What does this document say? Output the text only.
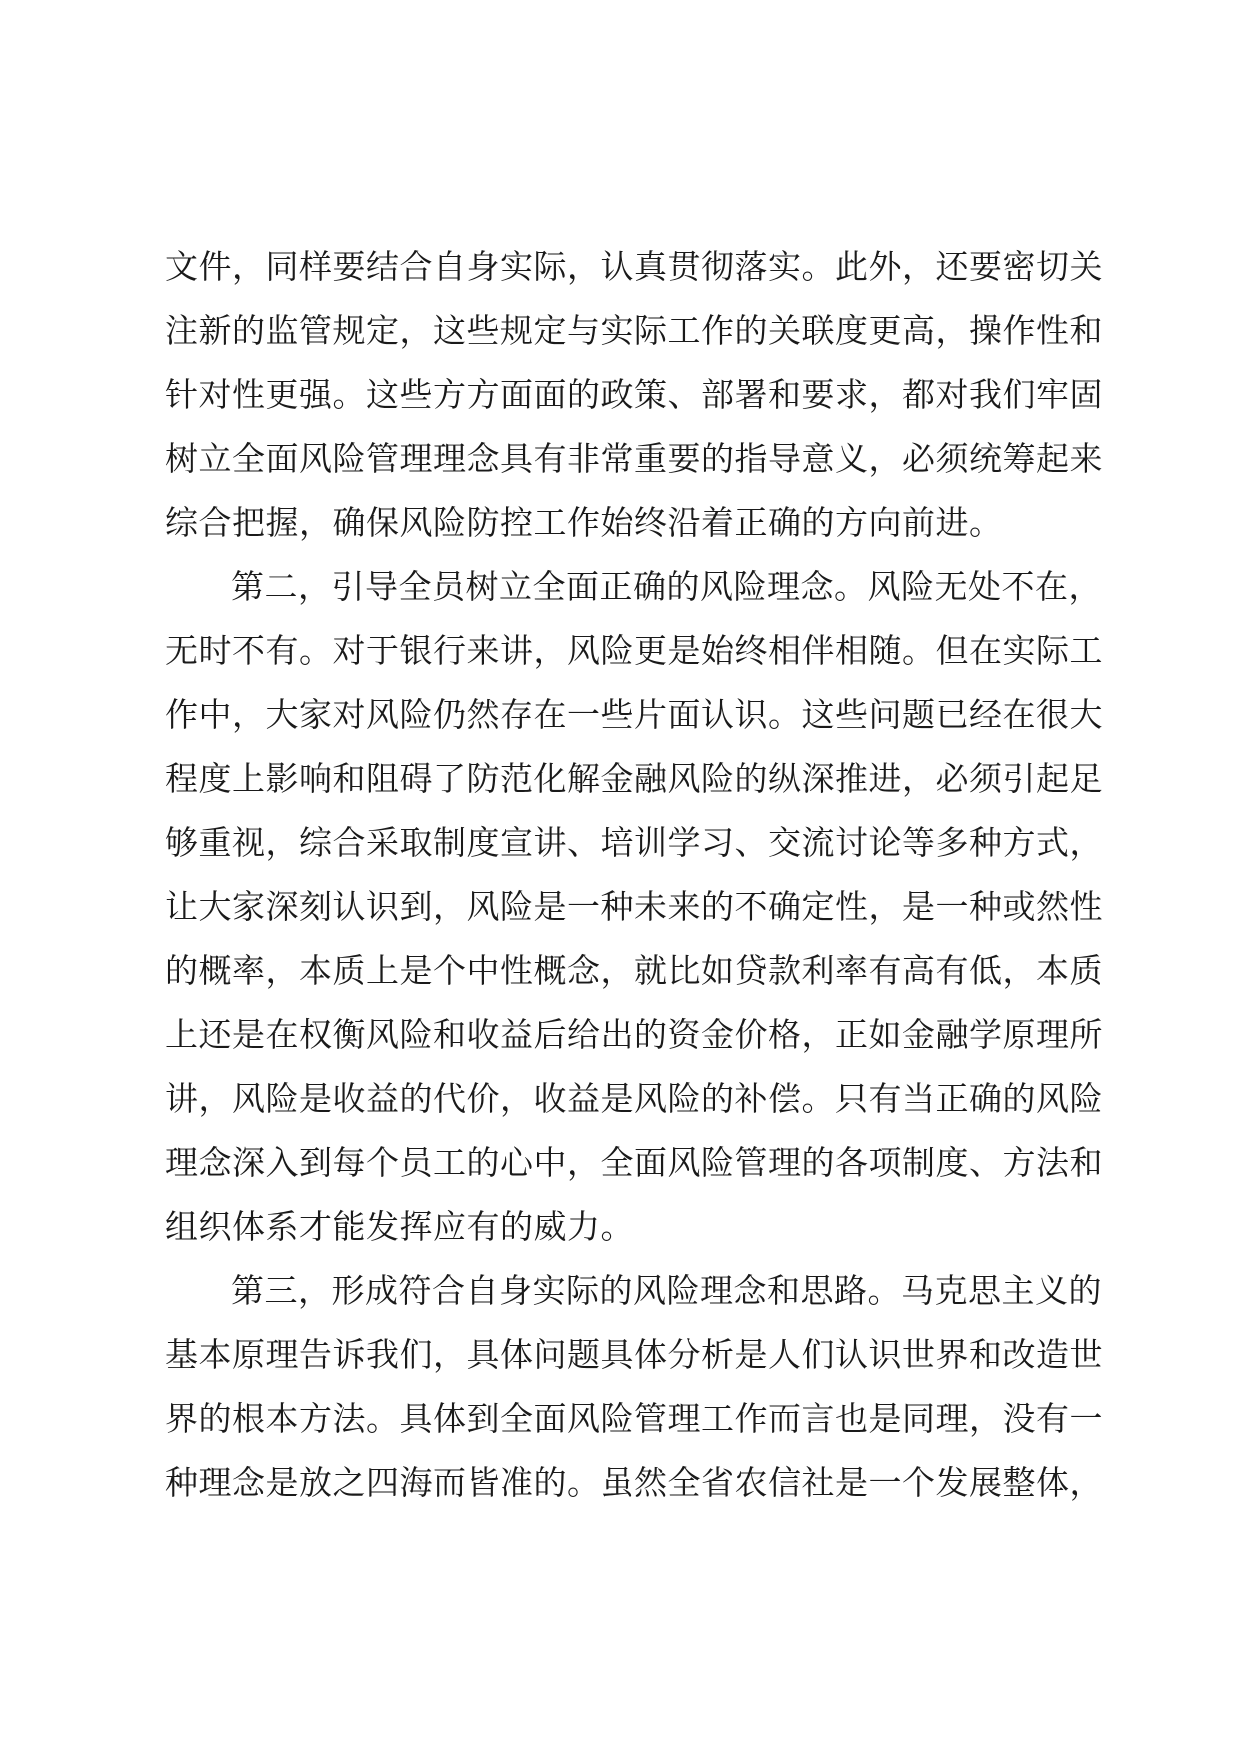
文件，同样要结合自身实际，认真贯彻落实。此外，还要密切关
注新的监管规定，这些规定与实际工作的关联度更高，操作性和
针对性更强。这些方方面面的政策、部署和要求，都对我们牢固
树立全面风险管理理念具有非常重要的指导意义，必须统筹起来
综合把握，确保风险防控工作始终沿着正确的方向前进。
第二，引导全员树立全面正确的风险理念。风险无处不在，
无时不有。对于银行来讲，风险更是始终相伴相随。但在实际工
作中，大家对风险仍然存在一些片面认识。这些问题已经在很大
程度上影响和阻碍了防范化解金融风险的纵深推进，必须引起足
够重视，综合采取制度宣讲、培训学习、交流讨论等多种方式，
让大家深刻认识到，风险是一种未来的不确定性，是一种或然性
的概率，本质上是个中性概念，就比如贷款利率有高有低，本质
上还是在权衡风险和收益后给出的资金价格，正如金融学原理所
讲，风险是收益的代价，收益是风险的补偿。只有当正确的风险
理念深入到每个员工的心中，全面风险管理的各项制度、方法和
组织体系才能发挥应有的威力。
第三，形成符合自身实际的风险理念和思路。马克思主义的
基本原理告诉我们，具体问题具体分析是人们认识世界和改造世
界的根本方法。具体到全面风险管理工作而言也是同理，没有一
种理念是放之四海而皆准的。虽然全省农信社是一个发展整体，
